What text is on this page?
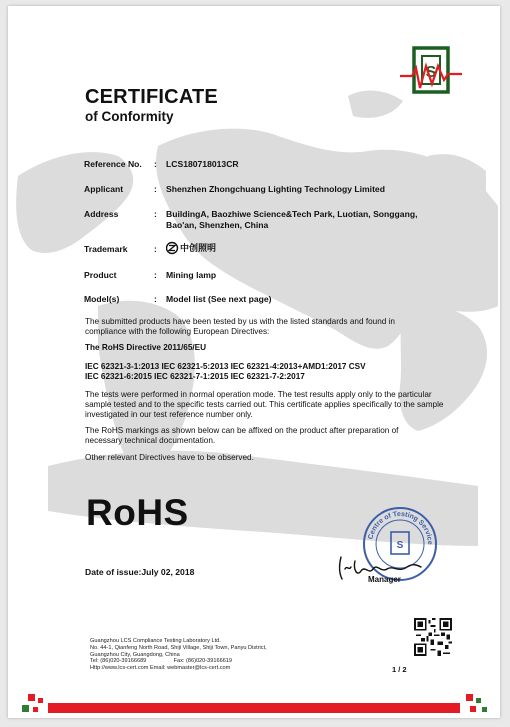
S
CERTIFICATE
of Conformity
Reference No.	: LCS180718013CR
Applicant	: Shenzhen Zhongchuang Lighting Technology Limited
Address	: BuildingA, Baozhiwe Science&Tech Park, Luotian, Songgang, Bao'an, Shenzhen, China
Trademark	:	中创照明
Product	: Mining lamp
Model(s)	: Model list (See next page)
The submitted products have been tested by us with the listed standards and found in compliance with the following European Directives:
The RoHS Directive 2011/65/EU
IEC 62321-3-1:2013 IEC 62321-5:2013 IEC 62321-4:2013+AMD1:2017 CSV
IEC 62321-6:2015 IEC 62321-7-1:2015 IEC 62321-7-2:2017
The tests were performed in normal operation mode. The test results apply only to the particular sample tested and to the specific tests carried out. This certificate applies specifically to the sample investigated in our test reference number only.
The RoHS markings as shown below can be affixed on the product after preparation of necessary technical documentation.
Other relevant Directives have to be observed.
RoHS
Date of issue:July 02, 2018
Centre of Testing Service
S
Manager
Guangzhou LCS Compliance Testing Laboratory Ltd.
No. 44-1, Qianfeng North Road, Shiji Village, Shiji Town, Panyu District,
Guangzhou City, Guangdong, China
Tel: (86)020-39166689	Fax: (86)020-39166619
Http://www.lcs-cert.com Email: webmaster@lcs-cert.com	1 / 2
